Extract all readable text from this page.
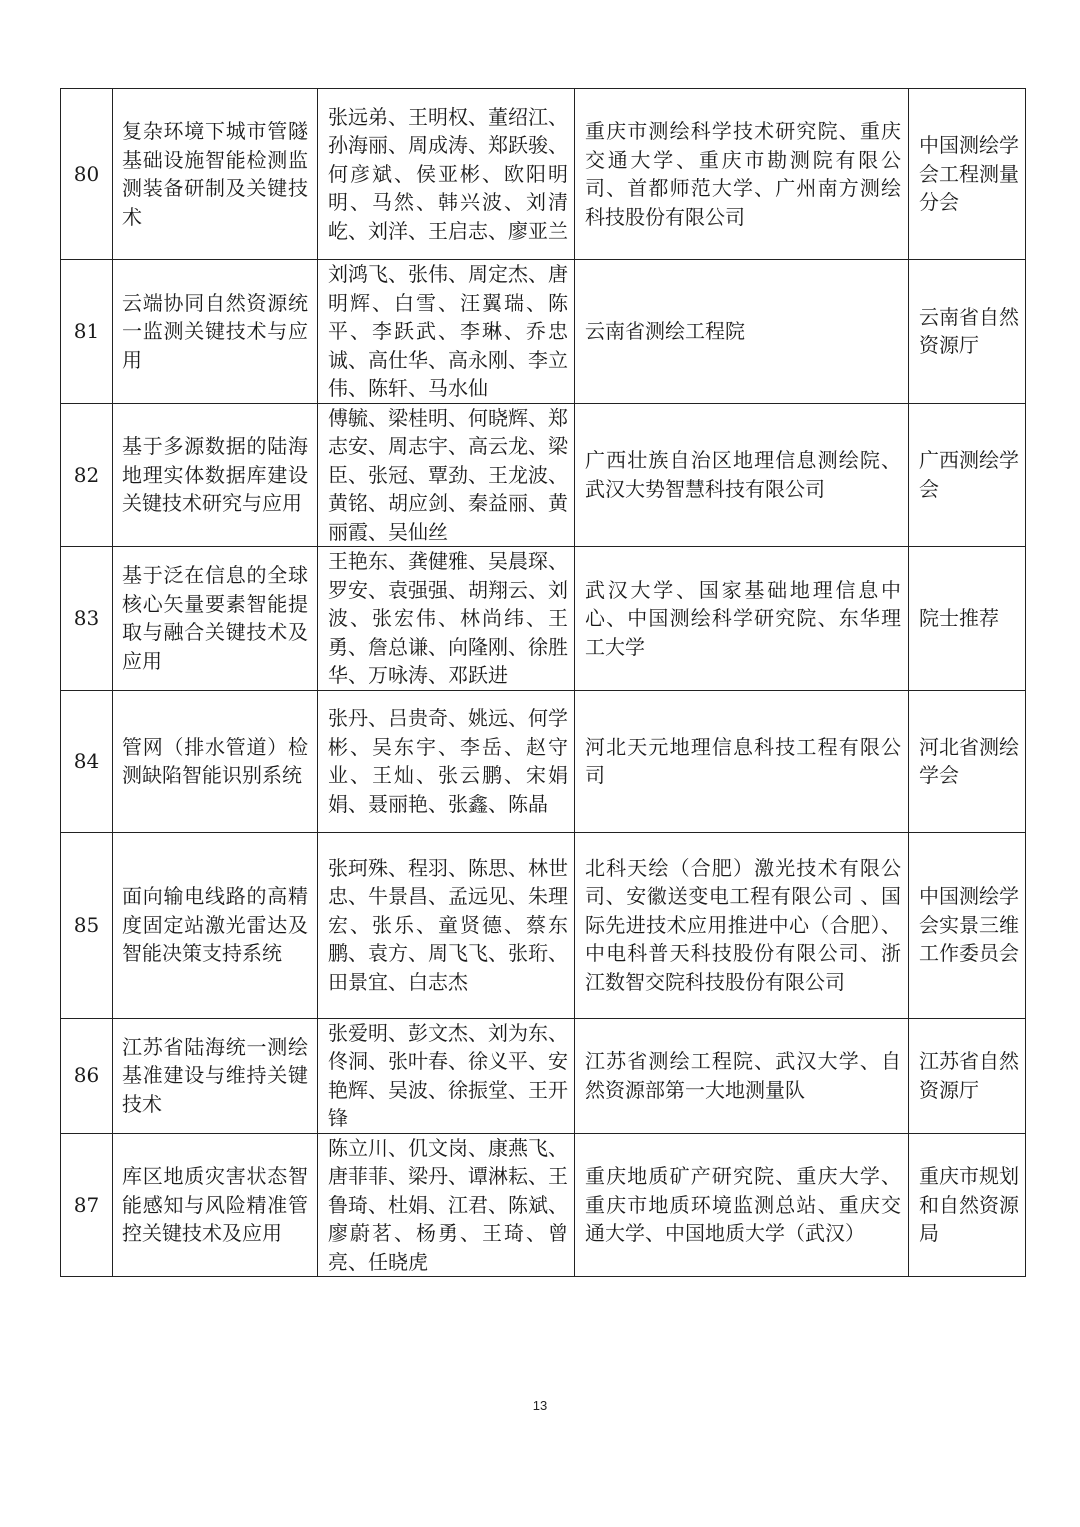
80	复杂环境下城市管隧基础设施智能检测监测装备研制及关键技术	张远弟、王明权、董绍江、孙海丽、周成涛、郑跃骏、何彦斌、侯亚彬、欧阳明明、马然、韩兴波、刘清屹、刘洋、王启志、廖亚兰	重庆市测绘科学技术研究院、重庆交通大学、重庆市勘测院有限公司、首都师范大学、广州南方测绘科技股份有限公司	中国测绘学会工程测量分会

81	云端协同自然资源统一监测关键技术与应用	刘鸿飞、张伟、周定杰、唐明辉、白雪、汪翼瑞、陈平、李跃武、李琳、乔忠诚、高仕华、高永刚、李立伟、陈轩、马水仙	云南省测绘工程院	云南省自然资源厅

82	基于多源数据的陆海地理实体数据库建设关键技术研究与应用	傅毓、梁桂明、何晓辉、郑志安、周志宇、高云龙、梁臣、张冠、覃劲、王龙波、黄铭、胡应剑、秦益丽、黄丽霞、吴仙丝	广西壮族自治区地理信息测绘院、武汉大势智慧科技有限公司	广西测绘学会

83	基于泛在信息的全球核心矢量要素智能提取与融合关键技术及应用	王艳东、龚健雅、吴晨琛、罗安、袁强强、胡翔云、刘波、张宏伟、林尚纬、王勇、詹总谦、向隆刚、徐胜华、万咏涛、邓跃进	武汉大学、国家基础地理信息中心、中国测绘科学研究院、东华理工大学	院士推荐

84	管网（排水管道）检测缺陷智能识别系统	张丹、吕贵奇、姚远、何学彬、吴东宇、李岳、赵守业、王灿、张云鹏、宋娟娟、聂丽艳、张鑫、陈晶	河北天元地理信息科技工程有限公司	河北省测绘学会

85	面向输电线路的高精度固定站激光雷达及智能决策支持系统	张珂殊、程羽、陈思、林世忠、牛景昌、孟远见、朱理宏、张乐、童贤德、蔡东鹏、袁方、周飞飞、张珩、田景宜、白志杰	北科天绘（合肥）激光技术有限公司、安徽送变电工程有限公司 、国际先进技术应用推进中心（合肥）、中电科普天科技股份有限公司、浙江数智交院科技股份有限公司	中国测绘学会实景三维工作委员会

86	江苏省陆海统一测绘基准建设与维持关键技术	张爱明、彭文杰、刘为东、佟洞、张叶春、徐义平、安艳辉、吴波、徐振堂、王开锋	江苏省测绘工程院、武汉大学、自然资源部第一大地测量队	江苏省自然资源厅

87	库区地质灾害状态智能感知与风险精准管控关键技术及应用	陈立川、仉文岗、康燕飞、唐菲菲、梁丹、谭淋耘、王鲁琦、杜娟、江君、陈斌、廖蔚茗、杨勇、王琦、曾亮、任晓虎	重庆地质矿产研究院、重庆大学、重庆市地质环境监测总站、重庆交通大学、中国地质大学（武汉）	重庆市规划和自然资源局
13
